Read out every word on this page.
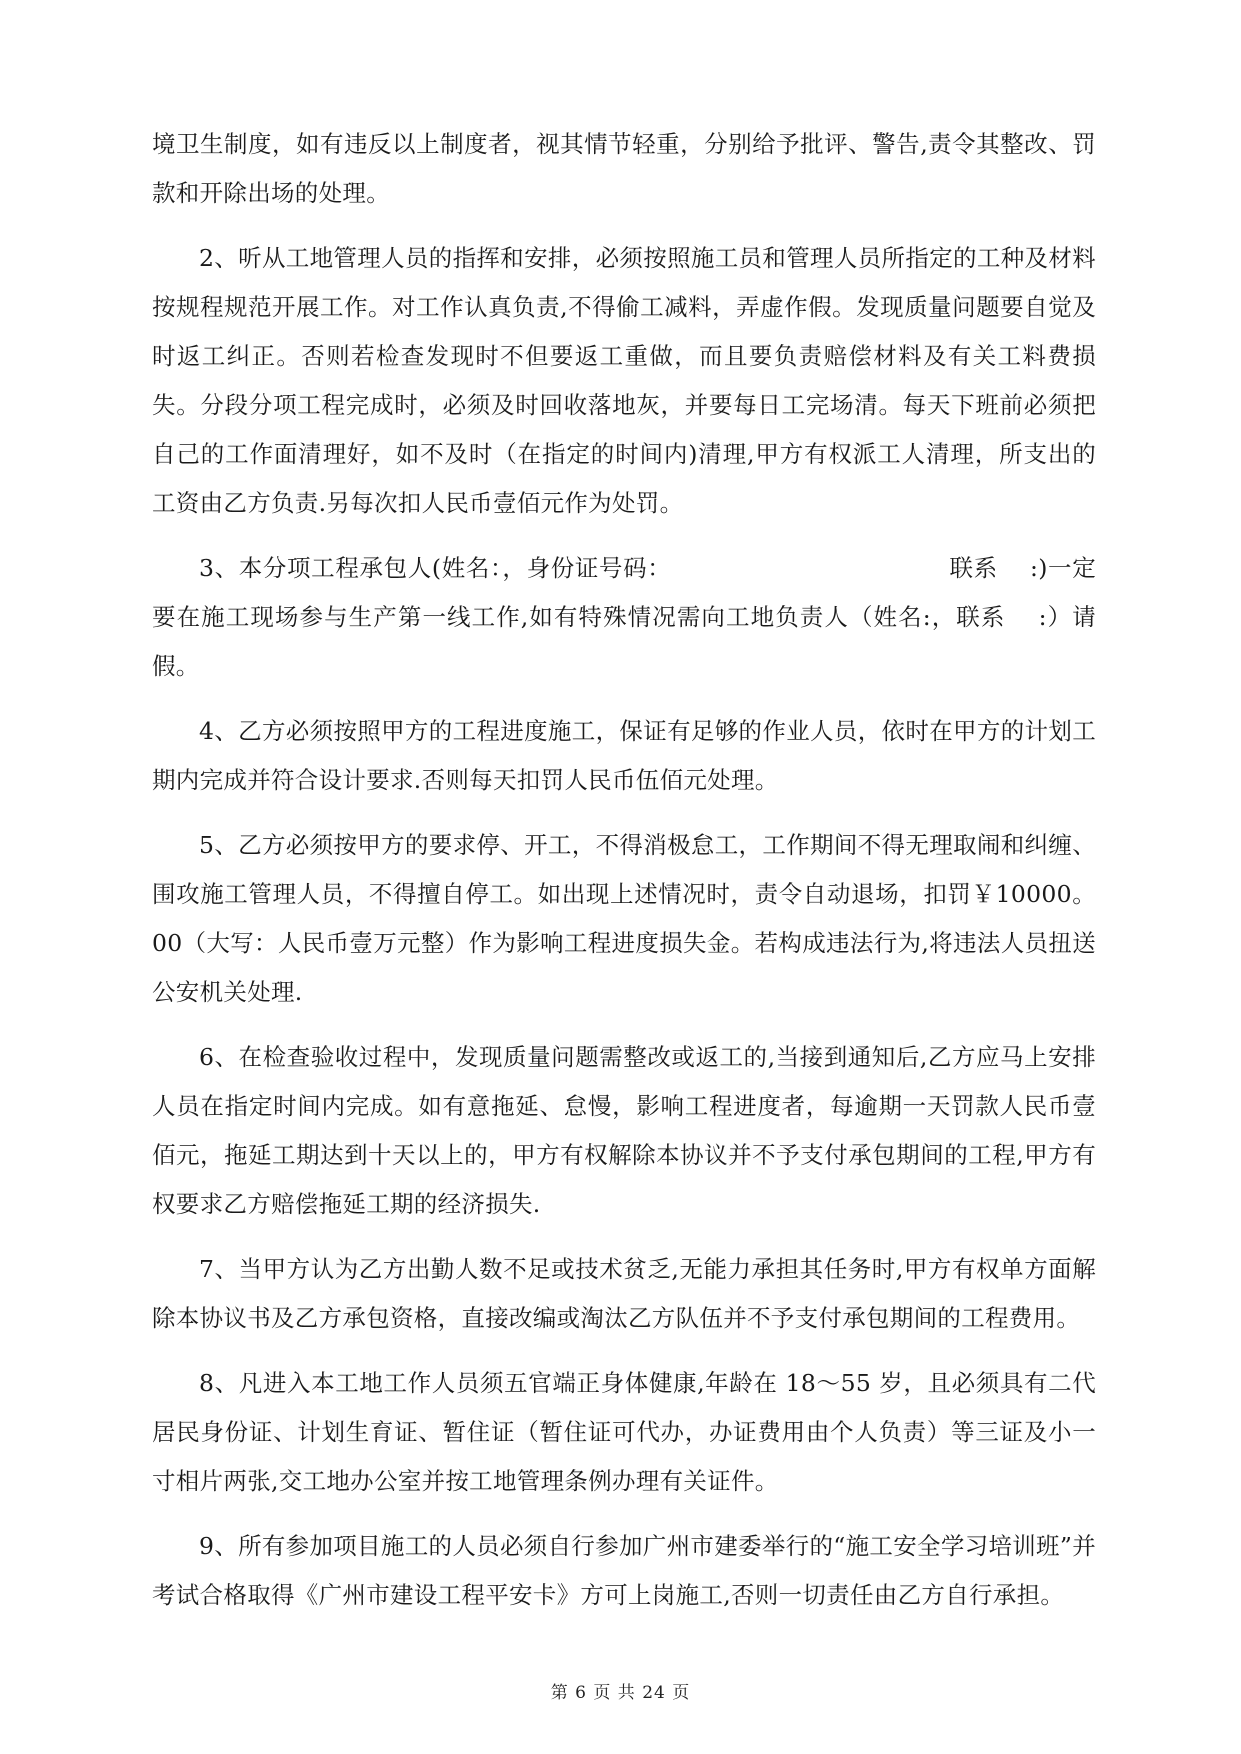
境卫生制度，如有违反以上制度者，视其情节轻重，分别给予批评、警告,责令其整改、罚款和开除出场的处理。

2、听从工地管理人员的指挥和安排，必须按照施工员和管理人员所指定的工种及材料按规程规范开展工作。对工作认真负责,不得偷工减料，弄虚作假。发现质量问题要自觉及时返工纠正。否则若检查发现时不但要返工重做，而且要负责赔偿材料及有关工料费损失。分段分项工程完成时，必须及时回收落地灰，并要每日工完场清。每天下班前必须把自己的工作面清理好，如不及时（在指定的时间内)清理,甲方有权派工人清理，所支出的工资由乙方负责.另每次扣人民币壹佰元作为处罚。

3、本分项工程承包人(姓名：，身份证号码：　　　　　　　　　　　　联系　 :)一定要在施工现场参与生产第一线工作,如有特殊情况需向工地负责人（姓名:，联系　 :）请假。

4、乙方必须按照甲方的工程进度施工，保证有足够的作业人员，依时在甲方的计划工期内完成并符合设计要求.否则每天扣罚人民币伍佰元处理。

5、乙方必须按甲方的要求停、开工，不得消极怠工，工作期间不得无理取闹和纠缠、围攻施工管理人员，不得擅自停工。如出现上述情况时，责令自动退场，扣罚￥10000。00（大写：人民币壹万元整）作为影响工程进度损失金。若构成违法行为,将违法人员扭送公安机关处理.

6、在检查验收过程中，发现质量问题需整改或返工的,当接到通知后,乙方应马上安排人员在指定时间内完成。如有意拖延、怠慢，影响工程进度者，每逾期一天罚款人民币壹佰元，拖延工期达到十天以上的，甲方有权解除本协议并不予支付承包期间的工程,甲方有权要求乙方赔偿拖延工期的经济损失.

7、当甲方认为乙方出勤人数不足或技术贫乏,无能力承担其任务时,甲方有权单方面解除本协议书及乙方承包资格，直接改编或淘汰乙方队伍并不予支付承包期间的工程费用。

8、凡进入本工地工作人员须五官端正身体健康,年龄在 18～55 岁，且必须具有二代居民身份证、计划生育证、暂住证（暂住证可代办，办证费用由个人负责）等三证及小一寸相片两张,交工地办公室并按工地管理条例办理有关证件。

9、所有参加项目施工的人员必须自行参加广州市建委举行的“施工安全学习培训班”并考试合格取得《广州市建设工程平安卡》方可上岗施工,否则一切责任由乙方自行承担。

第 6 页 共 24 页
